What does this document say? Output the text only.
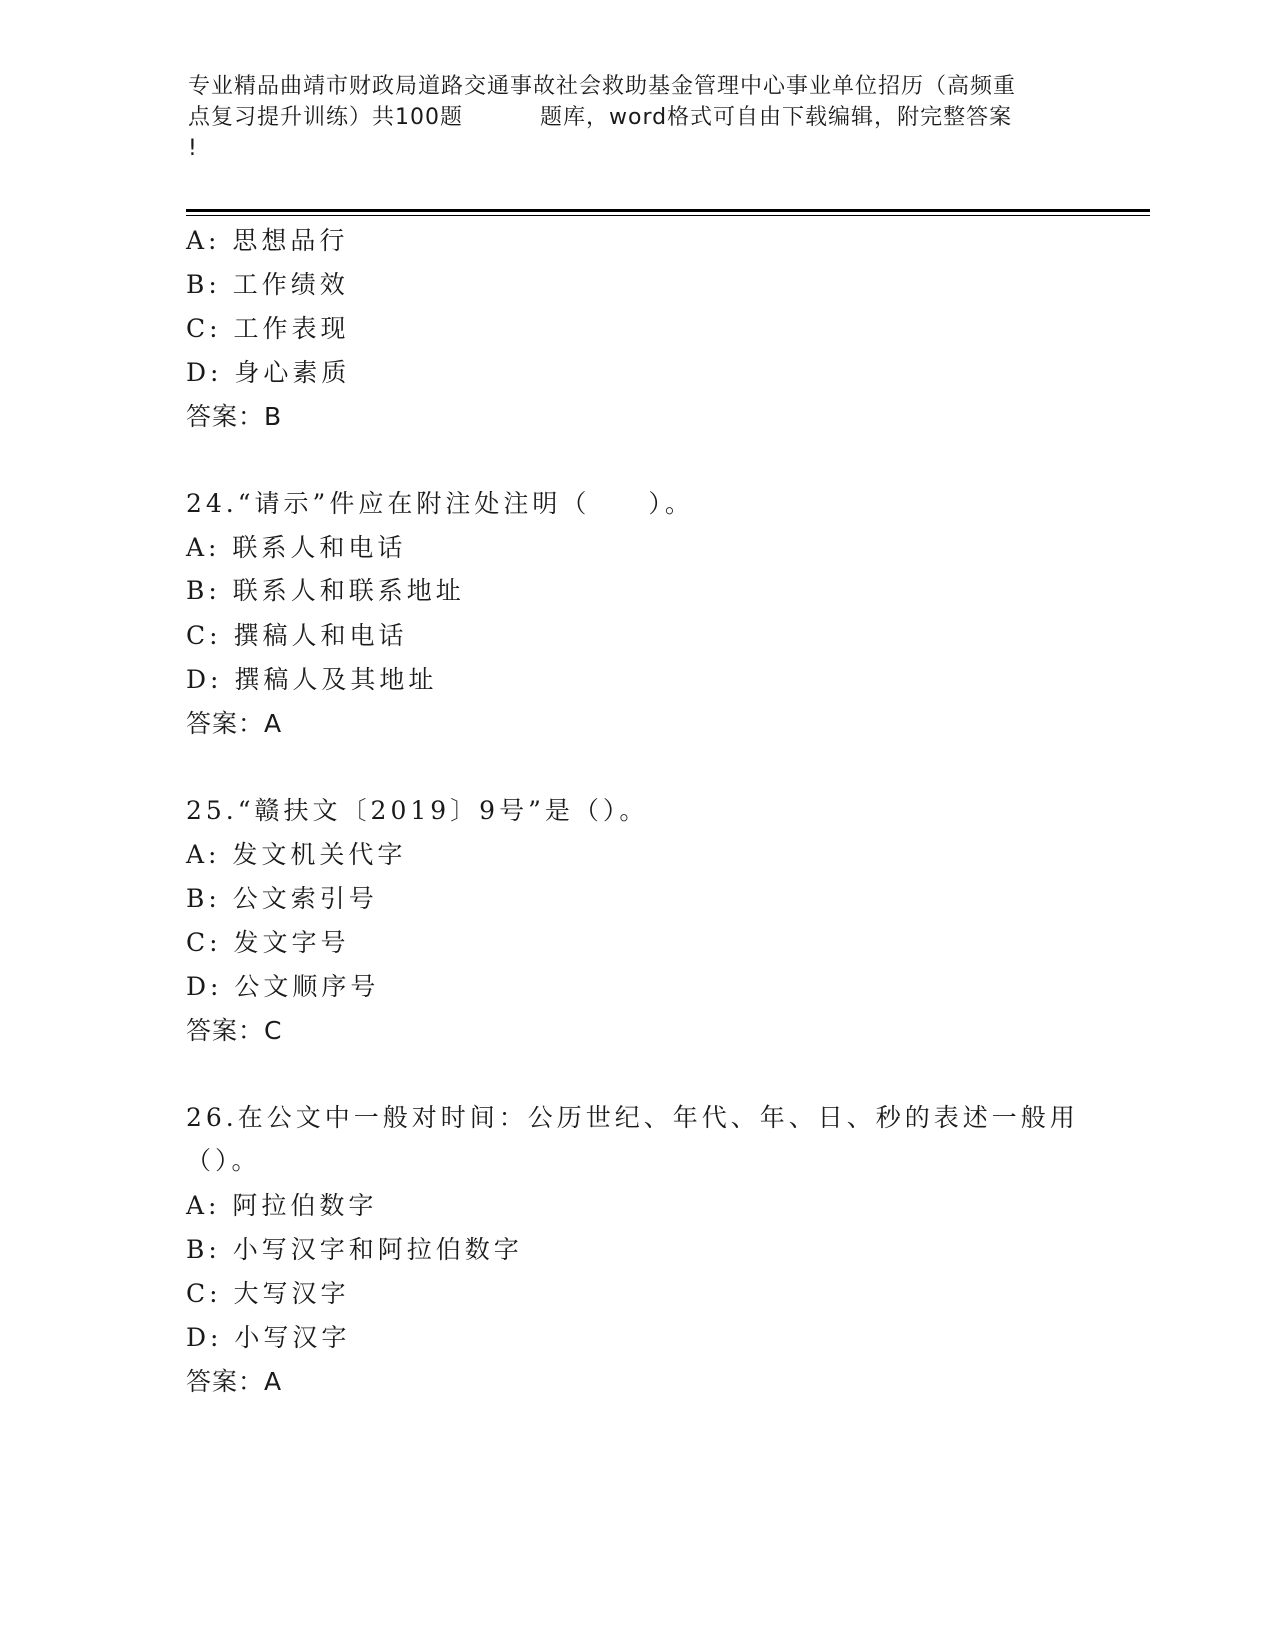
专业精品曲靖市财政局道路交通事故社会救助基金管理中心事业单位招历（高频重
点复习提升训练）共100题 　　　题库，word格式可自由下载编辑，附完整答案
!
A: 思想品行
B: 工作绩效
C: 工作表现
D: 身心素质
答案：B
24.“请示”件应在附注处注明（　　）。
A: 联系人和电话
B: 联系人和联系地址
C: 撰稿人和电话
D: 撰稿人及其地址
答案：A
25.“赣扶文〔2019〕9号”是（）。
A: 发文机关代字
B: 公文索引号
C: 发文字号
D: 公文顺序号
答案：C
26.在公文中一般对时间：公历世纪、年代、年、日、秒的表述一般用
（）。
A: 阿拉伯数字
B: 小写汉字和阿拉伯数字
C: 大写汉字
D: 小写汉字
答案：A
